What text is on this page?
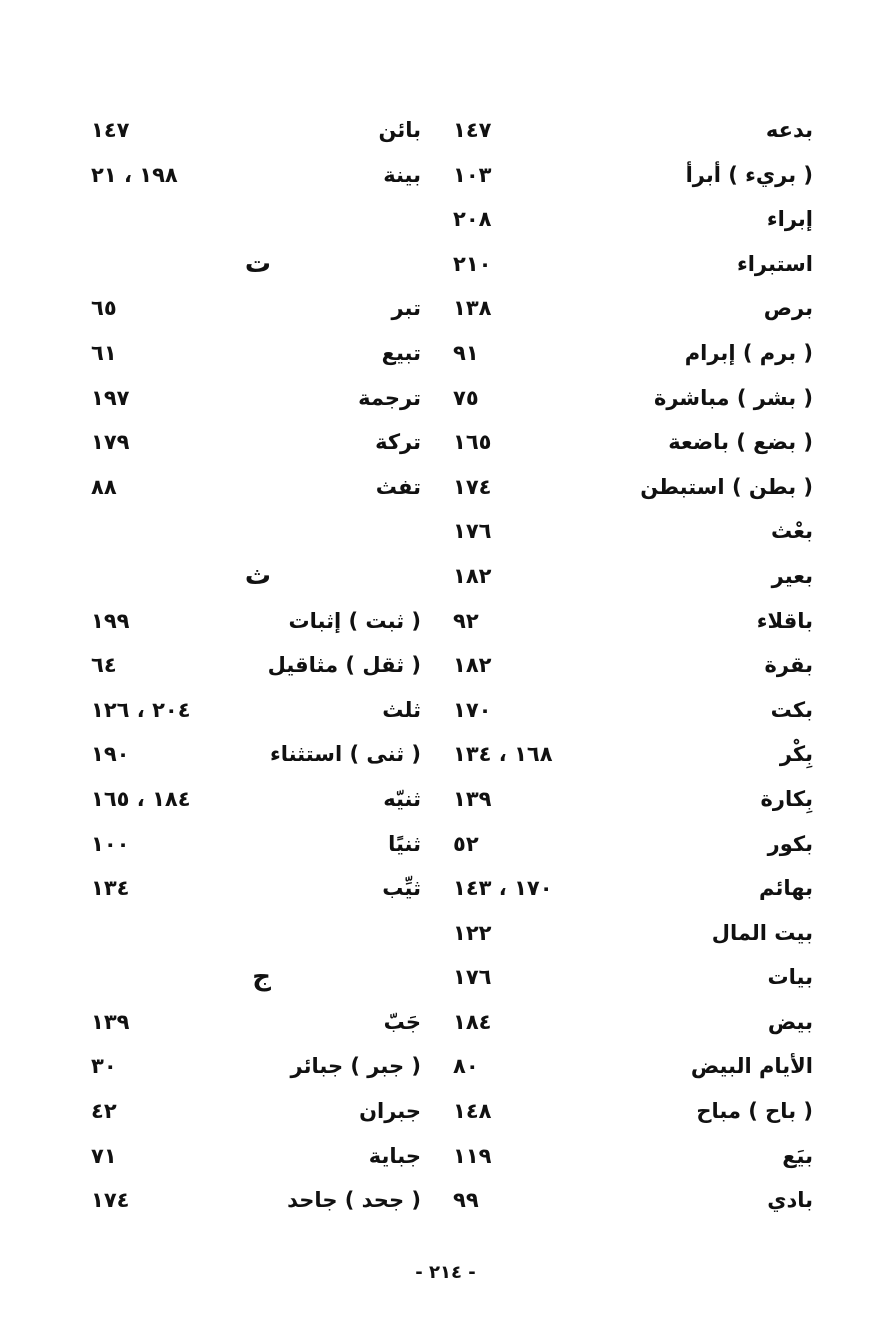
بدعه
١٤٧
( بريء ) أبرأ
١٠٣
إبراء
٢٠٨
استبراء
٢١٠
برص
١٣٨
( برم ) إبرام
٩١
( بشر ) مباشرة
٧٥
( بضع ) باضعة
١٦٥
( بطن ) استبطن
١٧٤
بعْث
١٧٦
بعير
١٨٢
باقلاء
٩٢
بقرة
١٨٢
بكت
١٧٠
بِكْر
١٦٨ ، ١٣٤
بِكارة
١٣٩
بكور
٥٢
بهائم
١٧٠ ، ١٤٣
بيت المال
١٢٢
بيات
١٧٦
بيض
١٨٤
الأيام البيض
٨٠
( باح ) مباح
١٤٨
بيَع
١١٩
بادي
٩٩
بائن
١٤٧
بينة
١٩٨ ، ٢١
ت
تبر
٦٥
تبيع
٦١
ترجمة
١٩٧
تركة
١٧٩
تفث
٨٨
ث
( ثبت ) إثبات
١٩٩
( ثقل ) مثاقيل
٦٤
ثلث
٢٠٤ ، ١٢٦
( ثنى ) استثناء
١٩٠
ثنيّه
١٨٤ ، ١٦٥
ثنيًا
١٠٠
ثيِّب
١٣٤
ج
جَبّ
١٣٩
( جبر ) جبائر
٣٠
جبران
٤٢
جباية
٧١
( جحد ) جاحد
١٧٤
- ٢١٤ -
